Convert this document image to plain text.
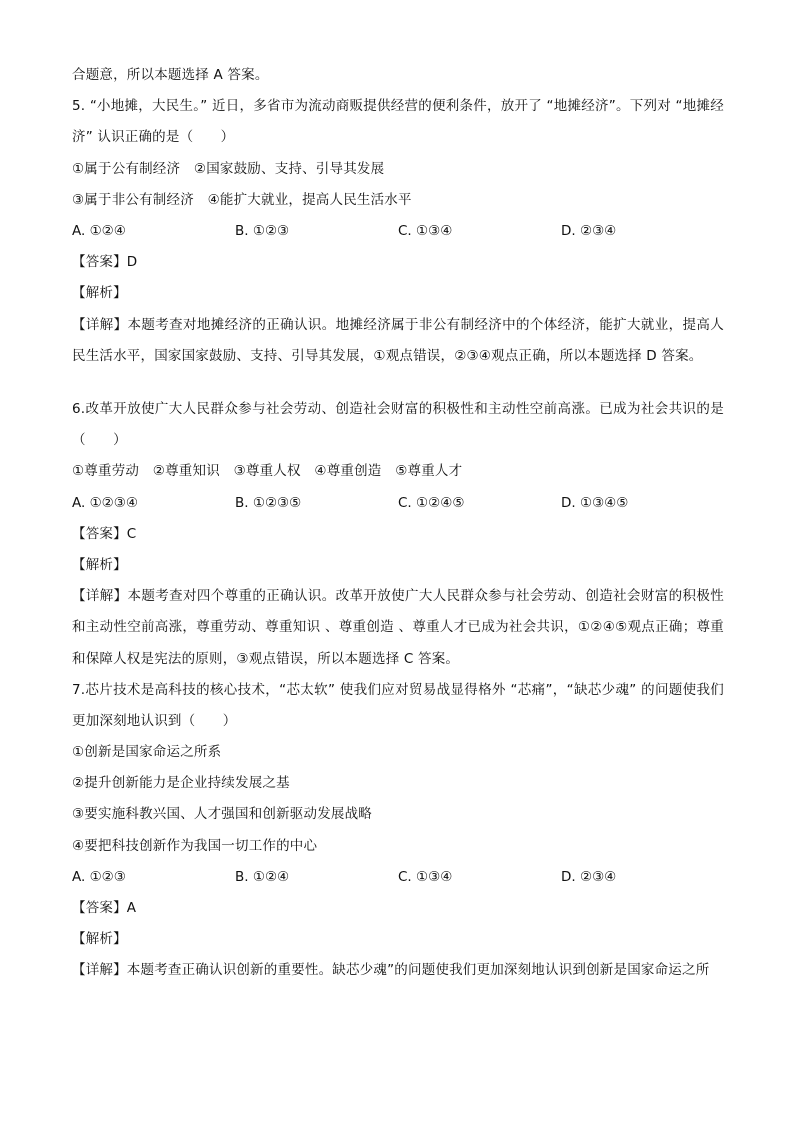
合题意，所以本题选择 A 答案。
5. “小地摊，大民生。” 近日，多省市为流动商贩提供经营的便利条件，放开了 “地摊经济”。下列对 “地摊经济” 认识正确的是（　　）
①属于公有制经济　②国家鼓励、支持、引导其发展
③属于非公有制经济　④能扩大就业，提高人民生活水平
A. ①②④	B. ①②③	C. ①③④	D. ②③④
【答案】D
【解析】
【详解】本题考查对地摊经济的正确认识。地摊经济属于非公有制经济中的个体经济，能扩大就业，提高人民生活水平，国家国家鼓励、支持、引导其发展，①观点错误，②③④观点正确，所以本题选择 D 答案。
6.改革开放使广大人民群众参与社会劳动、创造社会财富的积极性和主动性空前高涨。已成为社会共识的是（　　）
①尊重劳动　②尊重知识　③尊重人权　④尊重创造　⑤尊重人才
A. ①②③④	B. ①②③⑤	C. ①②④⑤	D. ①③④⑤
【答案】C
【解析】
【详解】本题考查对四个尊重的正确认识。改革开放使广大人民群众参与社会劳动、创造社会财富的积极性和主动性空前高涨，尊重劳动、尊重知识 、尊重创造 、尊重人才已成为社会共识，①②④⑤观点正确；尊重和保障人权是宪法的原则，③观点错误，所以本题选择 C 答案。
7.芯片技术是高科技的核心技术，“芯太软” 使我们应对贸易战显得格外 “芯痛”，“缺芯少魂” 的问题使我们更加深刻地认识到（　　）
①创新是国家命运之所系
②提升创新能力是企业持续发展之基
③要实施科教兴国、人才强国和创新驱动发展战略
④要把科技创新作为我国一切工作的中心
A. ①②③	B. ①②④	C. ①③④	D. ②③④
【答案】A
【解析】
【详解】本题考查正确认识创新的重要性。缺芯少魂”的问题使我们更加深刻地认识到创新是国家命运之所
